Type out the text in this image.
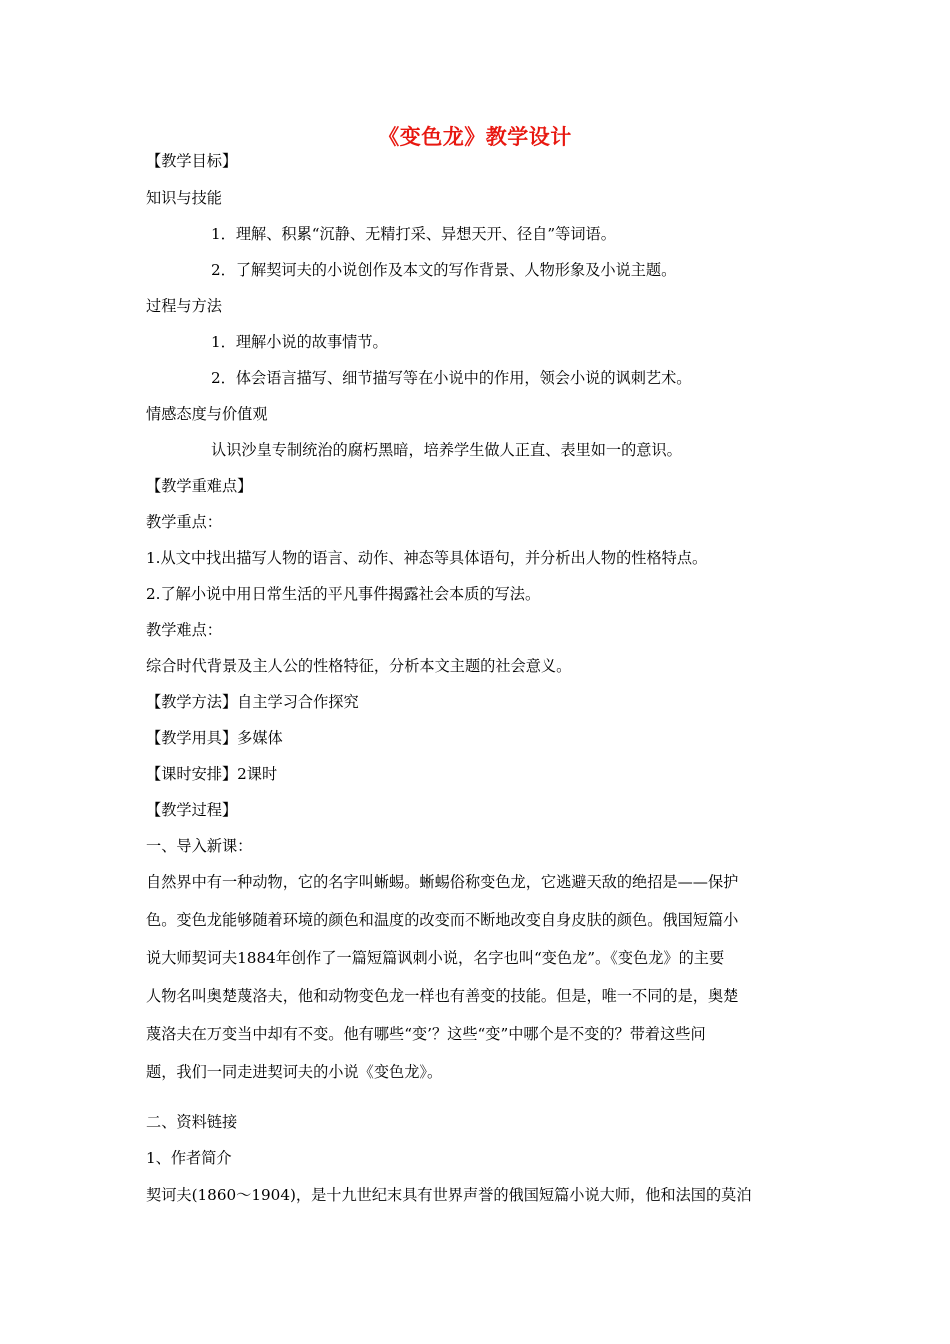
《变色龙》教学设计
【教学目标】
知识与技能
1．理解、积累“沉静、无精打采、异想天开、径自”等词语。
2．了解契诃夫的小说创作及本文的写作背景、人物形象及小说主题。
过程与方法
1．理解小说的故事情节。
2．体会语言描写、细节描写等在小说中的作用，领会小说的讽刺艺术。
情感态度与价值观
认识沙皇专制统治的腐朽黑暗，培养学生做人正直、表里如一的意识。
【教学重难点】
教学重点：
1.从文中找出描写人物的语言、动作、神态等具体语句，并分析出人物的性格特点。
2.了解小说中用日常生活的平凡事件揭露社会本质的写法。
教学难点：
综合时代背景及主人公的性格特征，分析本文主题的社会意义。
【教学方法】自主学习合作探究
【教学用具】多媒体
【课时安排】2课时
【教学过程】
一、导入新课：
自然界中有一种动物，它的名字叫蜥蜴。蜥蜴俗称变色龙，它逃避天敌的绝招是——保护
色。变色龙能够随着环境的颜色和温度的改变而不断地改变自身皮肤的颜色。俄国短篇小
说大师契诃夫1884年创作了一篇短篇讽刺小说，名字也叫“变色龙”。《变色龙》的主要
人物名叫奥楚蔑洛夫，他和动物变色龙一样也有善变的技能。但是，唯一不同的是，奥楚
蔑洛夫在万变当中却有不变。他有哪些“变’？这些“变”中哪个是不变的？带着这些问
题，我们一同走进契诃夫的小说《变色龙》。
二、资料链接
1、作者简介
契诃夫(1860～1904)，是十九世纪末具有世界声誉的俄国短篇小说大师，他和法国的莫泊
